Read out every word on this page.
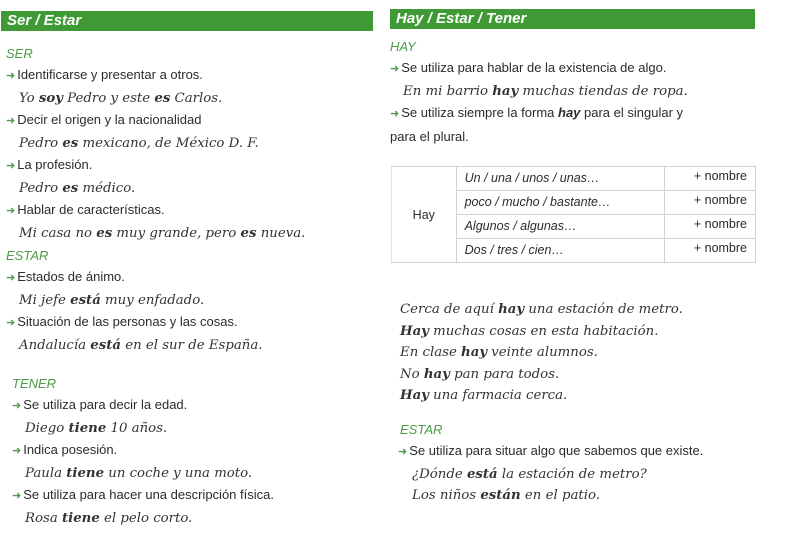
Ser / Estar
SER
➜ Identificarse y presentar a otros.
Yo soy Pedro y este es Carlos.
➜ Decir el origen y la nacionalidad
Pedro es mexicano, de México D. F.
➜ La profesión.
Pedro es médico.
➜ Hablar de características.
Mi casa no es muy grande, pero es nueva.
ESTAR
➜ Estados de ánimo.
Mi jefe está muy enfadado.
➜ Situación de las personas y las cosas.
Andalucía está en el sur de España.
TENER
➜ Se utiliza para decir la edad.
Diego tiene 10 años.
➜ Indica posesión.
Paula tiene un coche y una moto.
➜ Se utiliza para hacer una descripción física.
Rosa tiene el pelo corto.
Hay / Estar / Tener
HAY
➜ Se utiliza para hablar de la existencia de algo.
En mi barrio hay muchas tiendas de ropa.
➜ Se utiliza siempre la forma hay para el singular y
para el plural.
Hay	Un / una / unos / unas…	+ nombre
	poco / mucho / bastante…	+ nombre
	Algunos / algunas…	+ nombre
	Dos / tres / cien…	+ nombre
Cerca de aquí hay una estación de metro.
Hay muchas cosas en esta habitación.
En clase hay veinte alumnos.
No hay pan para todos.
Hay una farmacia cerca.
ESTAR
➜ Se utiliza para situar algo que sabemos que existe.
¿Dónde está la estación de metro?
Los niños están en el patio.
